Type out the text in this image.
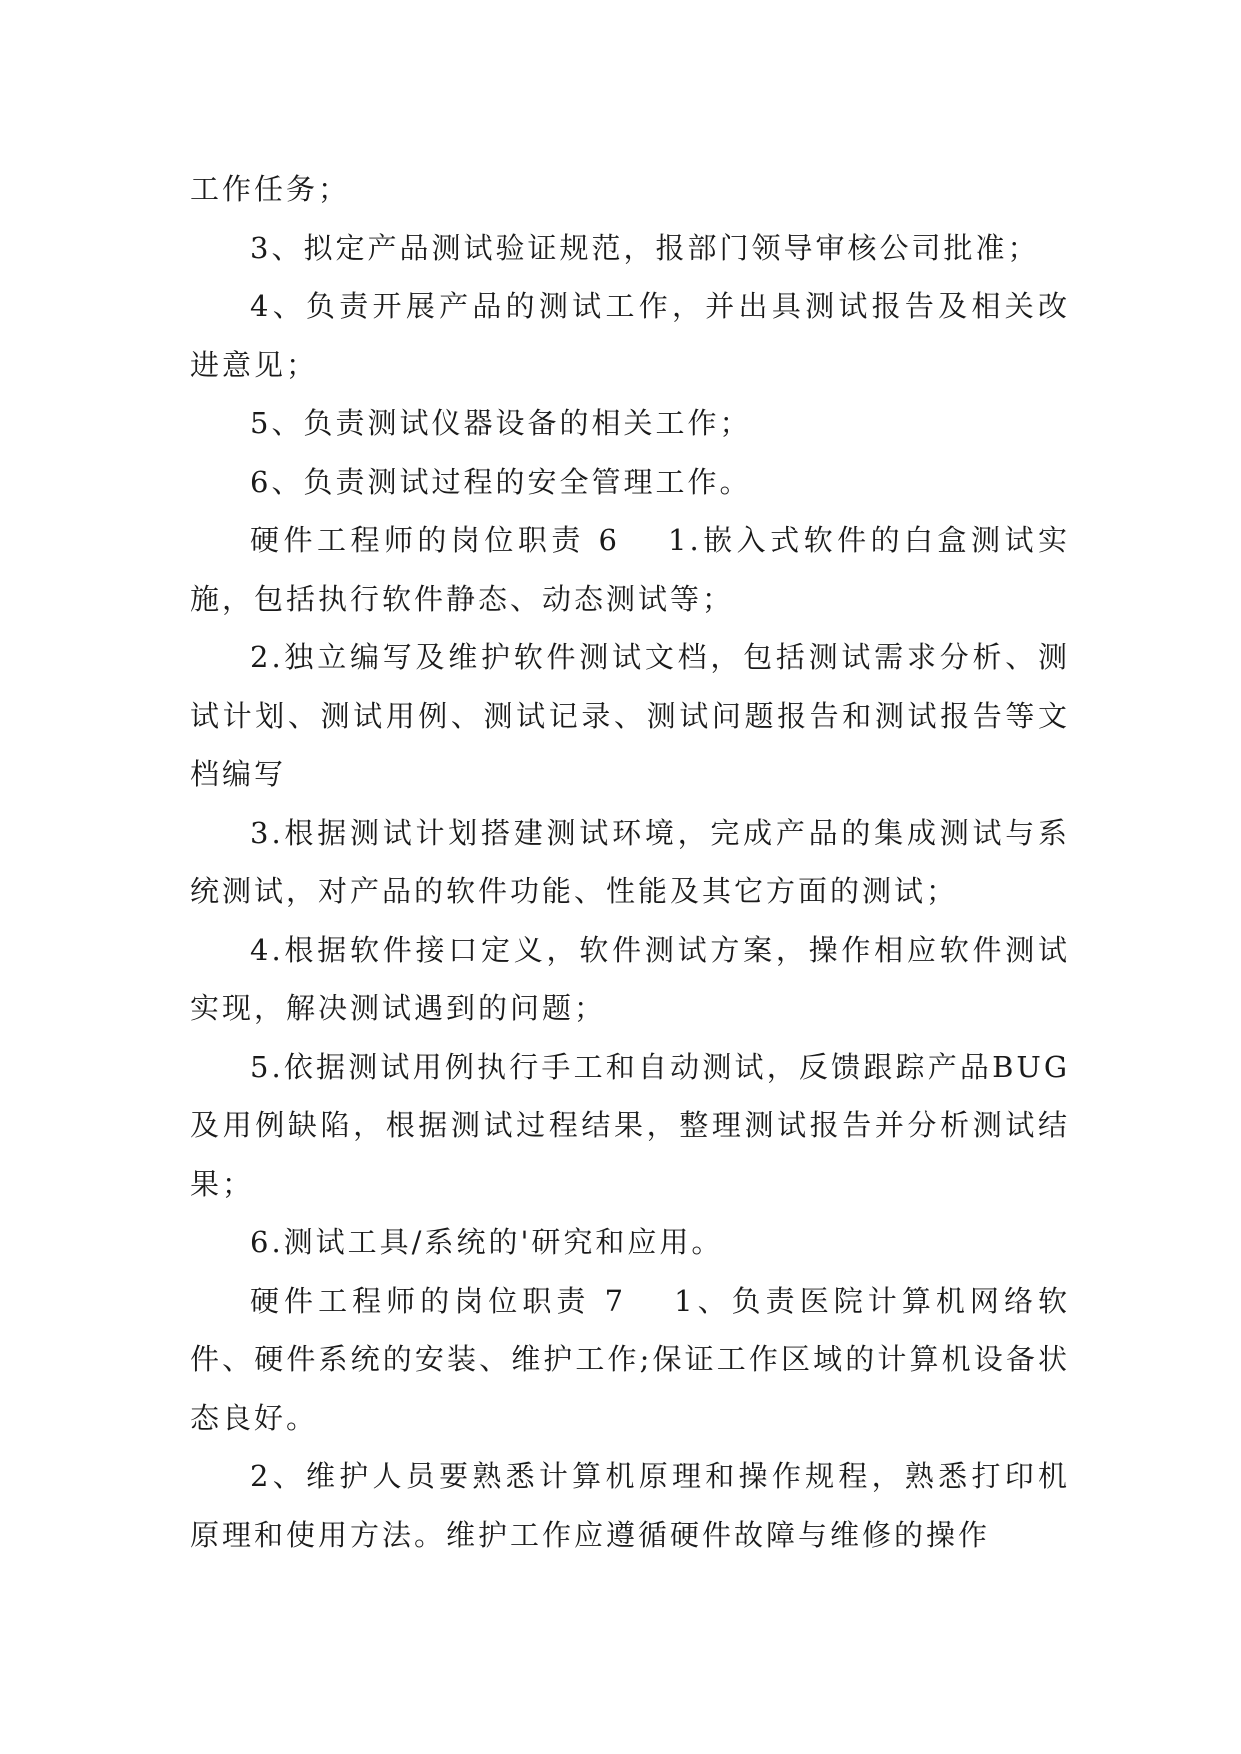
工作任务；

3、拟定产品测试验证规范，报部门领导审核公司批准；

4、负责开展产品的测试工作，并出具测试报告及相关改进意见；

5、负责测试仪器设备的相关工作；

6、负责测试过程的安全管理工作。

硬件工程师的岗位职责 6 1.嵌入式软件的白盒测试实施，包括执行软件静态、动态测试等；

2.独立编写及维护软件测试文档，包括测试需求分析、测试计划、测试用例、测试记录、测试问题报告和测试报告等文档编写

3.根据测试计划搭建测试环境，完成产品的集成测试与系统测试，对产品的软件功能、性能及其它方面的测试；

4.根据软件接口定义，软件测试方案，操作相应软件测试实现，解决测试遇到的问题；

5.依据测试用例执行手工和自动测试，反馈跟踪产品BUG及用例缺陷，根据测试过程结果，整理测试报告并分析测试结果；

6.测试工具/系统的'研究和应用。

硬件工程师的岗位职责 7 1、负责医院计算机网络软件、硬件系统的安装、维护工作;保证工作区域的计算机设备状态良好。

2、维护人员要熟悉计算机原理和操作规程，熟悉打印机原理和使用方法。维护工作应遵循硬件故障与维修的操作
